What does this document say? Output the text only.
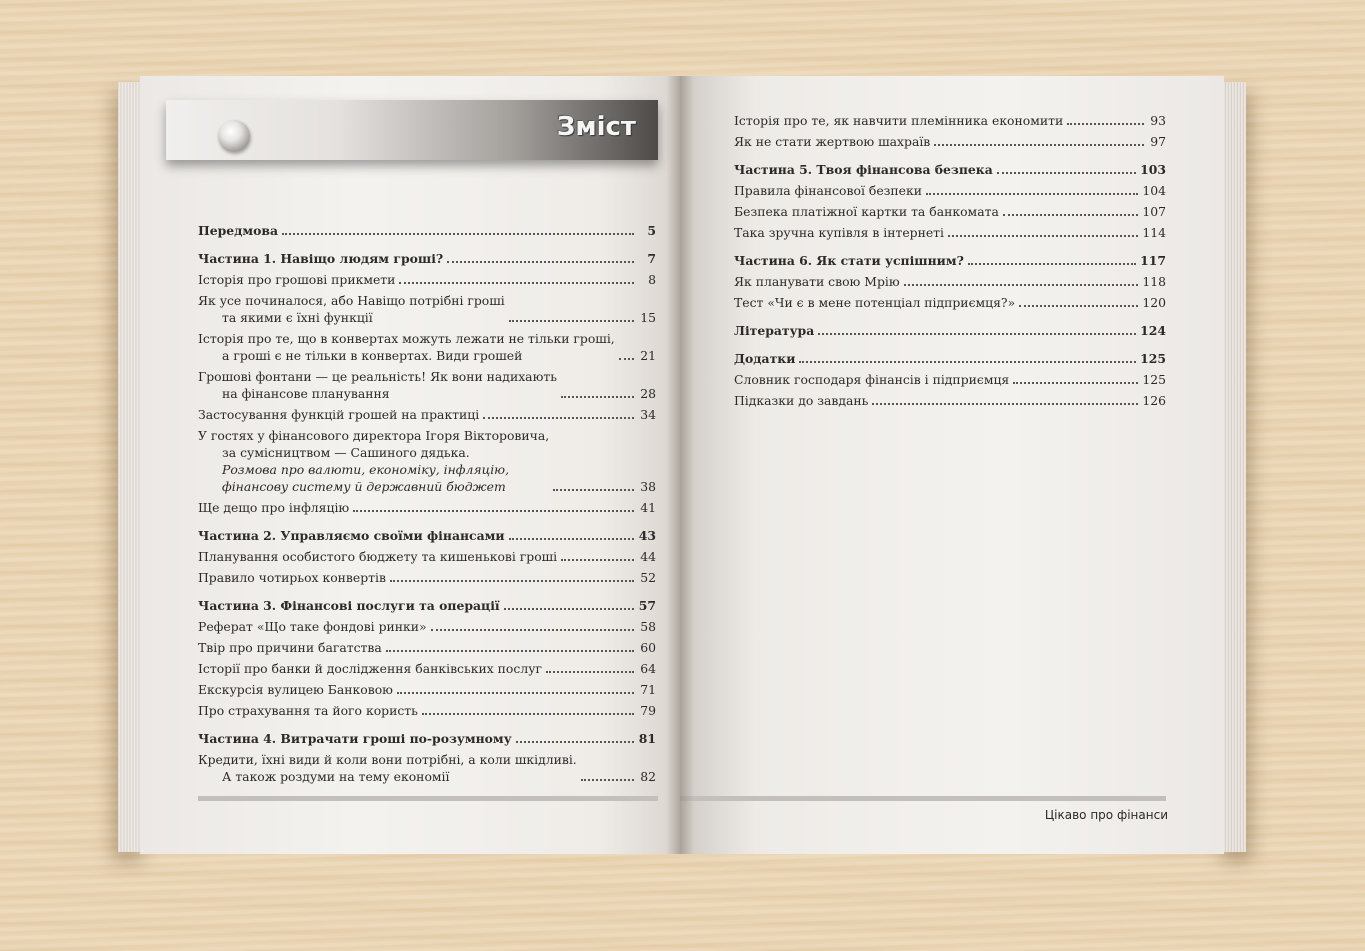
Зміст
Передмова	5
Частина 1. Навіщо людям гроші?	7
Історія про грошові прикмети	8
Як усе починалося, або Навіщо потрібні гроші
та якими є їхні функції	15
Історія про те, що в конвертах можуть лежати не тільки гроші,
а гроші є не тільки в конвертах. Види грошей	21
Грошові фонтани — це реальність! Як вони надихають
на фінансове планування	28
Застосування функцій грошей на практиці	34
У гостях у фінансового директора Ігоря Вікторовича,
за сумісництвом — Сашиного дядька.
Розмова про валюти, економіку, інфляцію,
фінансову систему й державний бюджет	38
Ще дещо про інфляцію	41
Частина 2. Управляємо своїми фінансами	43
Планування особистого бюджету та кишенькові гроші	44
Правило чотирьох конвертів	52
Частина 3. Фінансові послуги та операції	57
Реферат «Що таке фондові ринки»	58
Твір про причини багатства	60
Історії про банки й дослідження банківських послуг	64
Екскурсія вулицею Банковою	71
Про страхування та його користь	79
Частина 4. Витрачати гроші по-розумному	81
Кредити, їхні види й коли вони потрібні, а коли шкідливі.
А також роздуми на тему економії	82
Історія про те, як навчити племінника економити	93
Як не стати жертвою шахраїв	97
Частина 5. Твоя фінансова безпека	103
Правила фінансової безпеки	104
Безпека платіжної картки та банкомата	107
Така зручна купівля в інтернеті	114
Частина 6. Як стати успішним?	117
Як планувати свою Мрію	118
Тест «Чи є в мене потенціал підприємця?»	120
Література	124
Додатки	125
Словник господаря фінансів і підприємця	125
Підказки до завдань	126
Цікаво про фінанси
